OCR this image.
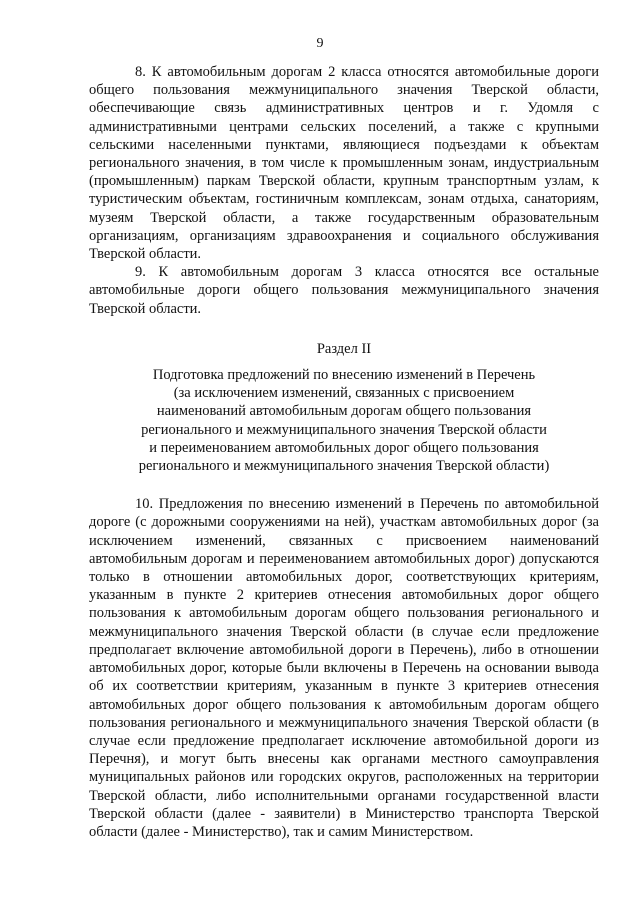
9

8. К автомобильным дорогам 2 класса относятся автомобильные дороги общего пользования межмуниципального значения Тверской области, обеспечивающие связь административных центров и г. Удомля с административными центрами сельских поселений, а также с крупными сельскими населенными пунктами, являющиеся подъездами к объектам регионального значения, в том числе к промышленным зонам, индустриальным (промышленным) паркам Тверской области, крупным транспортным узлам, к туристическим объектам, гостиничным комплексам, зонам отдыха, санаториям, музеям Тверской области, а также государственным образовательным организациям, организациям здравоохранения и социального обслуживания Тверской области.

9. К автомобильным дорогам 3 класса относятся все остальные автомобильные дороги общего пользования межмуниципального значения Тверской области.

Раздел II

Подготовка предложений по внесению изменений в Перечень

(за исключением изменений, связанных с присвоением

наименований автомобильным дорогам общего пользования

регионального и межмуниципального значения Тверской области

и переименованием автомобильных дорог общего пользования

регионального и межмуниципального значения Тверской области)

10. Предложения по внесению изменений в Перечень по автомобильной дороге (с дорожными сооружениями на ней), участкам автомобильных дорог (за исключением изменений, связанных с присвоением наименований автомобильным дорогам и переименованием автомобильных дорог) допускаются только в отношении автомобильных дорог, соответствующих критериям, указанным в пункте 2 критериев отнесения автомобильных дорог общего пользования к автомобильным дорогам общего пользования регионального и межмуниципального значения Тверской области (в случае если предложение предполагает включение автомобильной дороги в Перечень), либо в отношении автомобильных дорог, которые были включены в Перечень на основании вывода об их соответствии критериям, указанным в пункте 3 критериев отнесения автомобильных дорог общего пользования к автомобильным дорогам общего пользования регионального и межмуниципального значения Тверской области (в случае если предложение предполагает исключение автомобильной дороги из Перечня), и могут быть внесены как органами местного самоуправления муниципальных районов или городских округов, расположенных на территории Тверской области, либо исполнительными органами государственной власти Тверской области (далее - заявители) в Министерство транспорта Тверской области (далее - Министерство), так и самим Министерством.
